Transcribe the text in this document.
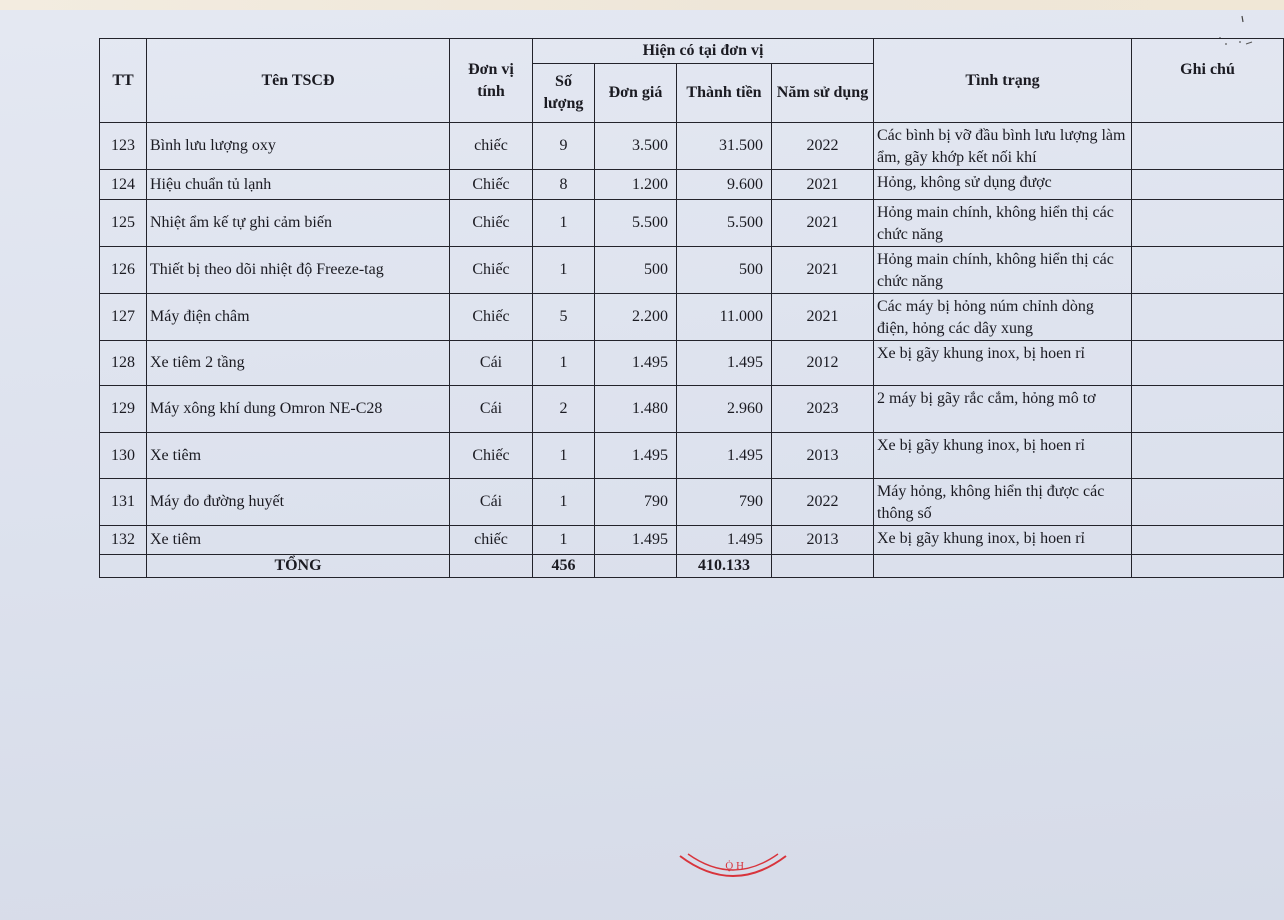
TT	Tên TSCĐ	Đơn vị tính	Hiện có tại đơn vị				Tình trạng	Ghi chú
			Số lượng	Đơn giá	Thành tiền	Năm sử dụng		
123	Bình lưu lượng oxy	chiếc	9	3.500	31.500	2022	Các bình bị vỡ đầu bình lưu lượng làm ẩm, gãy khớp kết nối khí	
124	Hiệu chuẩn tủ lạnh	Chiếc	8	1.200	9.600	2021	Hỏng, không sử dụng được	
125	Nhiệt ẩm kế tự ghi cảm biến	Chiếc	1	5.500	5.500	2021	Hỏng main chính, không hiển thị các chức năng	
126	Thiết bị theo dõi nhiệt độ Freeze-tag	Chiếc	1	500	500	2021	Hỏng main chính, không hiển thị các chức năng	
127	Máy điện châm	Chiếc	5	2.200	11.000	2021	Các máy bị hỏng núm chỉnh dòng điện, hỏng các dây xung	
128	Xe tiêm 2 tầng	Cái	1	1.495	1.495	2012	Xe bị gãy khung inox, bị hoen rỉ	
129	Máy xông khí dung Omron NE-C28	Cái	2	1.480	2.960	2023	2 máy bị gãy rắc cắm, hỏng mô tơ	
130	Xe tiêm	Chiếc	1	1.495	1.495	2013	Xe bị gãy khung inox, bị hoen rỉ	
131	Máy đo đường huyết	Cái	1	790	790	2022	Máy hỏng, không hiển thị được các thông số	
132	Xe tiêm	chiếc	1	1.495	1.495	2013	Xe bị gãy khung inox, bị hoen rỉ	
	TỔNG		456		410.133			
H Ộ
